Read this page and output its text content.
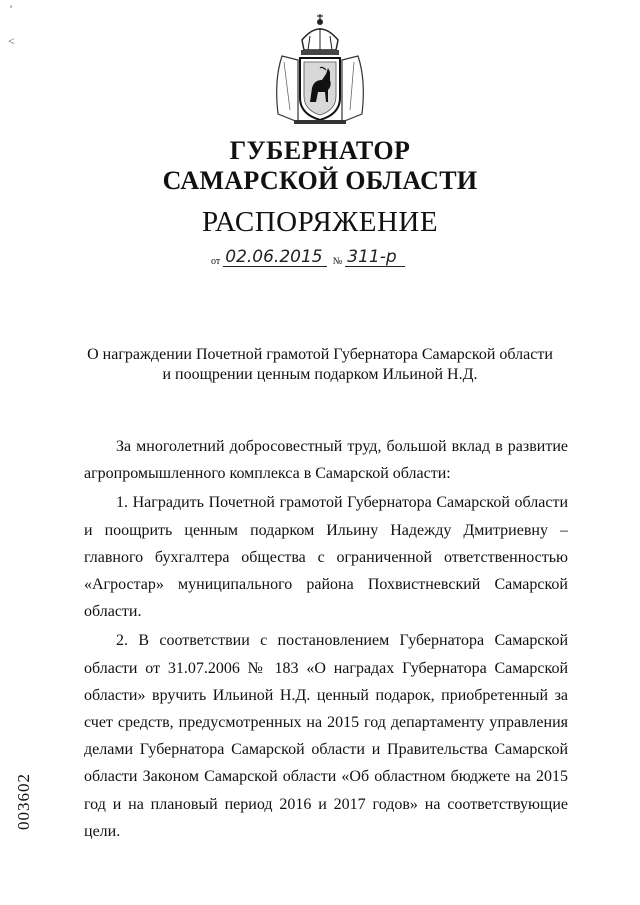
'
<
ГУБЕРНАТОР
САМАРСКОЙ ОБЛАСТИ
РАСПОРЯЖЕНИЕ
от 02.06.2015 № 311-р
О награждении Почетной грамотой Губернатора Самарской области
и поощрении ценным подарком Ильиной Н.Д.

За многолетний добросовестный труд, большой вклад в развитие агропромышленного комплекса в Самарской области:

1. Наградить Почетной грамотой Губернатора Самарской области и поощрить ценным подарком Ильину Надежду Дмитриевну – главного бухгалтера общества с ограниченной ответственностью «Агростар» муниципального района Похвистневский Самарской области.

2. В соответствии с постановлением Губернатора Самарской области от 31.07.2006 № 183 «О наградах Губернатора Самарской области» вручить Ильиной Н.Д. ценный подарок, приобретенный за счет средств, предусмотренных на 2015 год департаменту управления делами Губернатора Самарской области и Правительства Самарской области Законом Самарской области «Об областном бюджете на 2015 год и на плановый период 2016 и 2017 годов» на соответствующие цели.

003602
